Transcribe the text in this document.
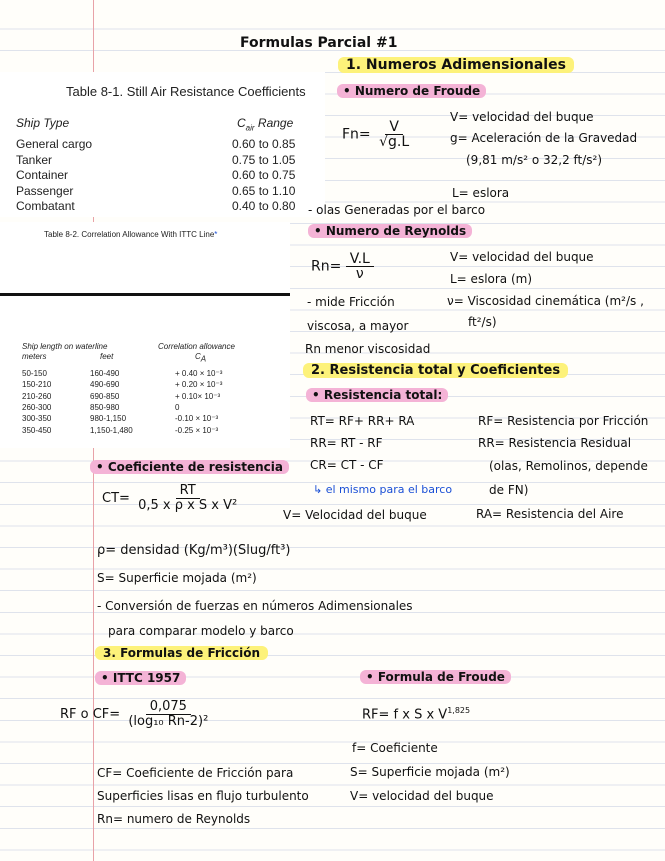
Formulas Parcial #1
Table 8-1. Still Air Resistance Coefficients
Ship Type	$C_{air}$ Range
General cargo	0.60 to 0.85
Tanker	0.75 to 1.05
Container	0.60 to 0.75
Passenger	0.65 to 1.10
Combatant	0.40 to 0.80
Table 8-2. Correlation Allowance With ITTC Line*
Ship length on waterline
meters	feet
Correlation allowance
$C_A$
50-150	160-490	+ 0.40 × 10⁻³
150-210	490-690	+ 0.20 × 10⁻³
210-260	690-850	+ 0.10× 10⁻³
260-300	850-980	0
300-350	980-1,150	-0.10 × 10⁻³
350-450	1,150-1,480	-0.25 × 10⁻³
1. Numeros Adimensionales
• Numero de Froude
$Fn= \frac{V}{√g.L}$
V= velocidad del buque
g= Aceleración de la Gravedad
(9,81 m/s² o 32,2 ft/s²)
L= eslora
- olas Generadas por el barco
• Numero de Reynolds
$Rn= \frac{V.L}{\nu}$	V= velocidad del buque
L= eslora (m)
ν= Viscosidad cinemática (m²/s ,
ft²/s)
- mide Fricción
viscosa, a mayor
Rn menor viscosidad
2. Resistencia total y Coeficientes
• Resistencia total:
RT= RF+ RR+ RA
RR= RT - RF
CR= CT - CF
RF= Resistencia por Fricción
RR= Resistencia Residual
(olas, Remolinos, depende
de FN)
↳ el mismo para el barco
RA= Resistencia del Aire
• Coeficiente de resistencia
$CT= \frac{RT}{\text{0,5 x ρ x S x V²}}$
V= Velocidad del buque
ρ= densidad (Kg/m³)(Slug/ft³)
S= Superficie mojada (m²)
- Conversión de fuerzas en números Adimensionales
para comparar modelo y barco
3. Formulas de Fricción
• ITTC 1957	• Formula de Froude
RF o $CF= \frac{0,075}{\text{(log₁₀ Rn-2)²}}$	RF= f x S x V$^{1,825}$
f= Coeficiente
S= Superficie mojada (m²)
V= velocidad del buque
CF= Coeficiente de Fricción para
Superficies lisas en flujo turbulento
Rn= numero de Reynolds
